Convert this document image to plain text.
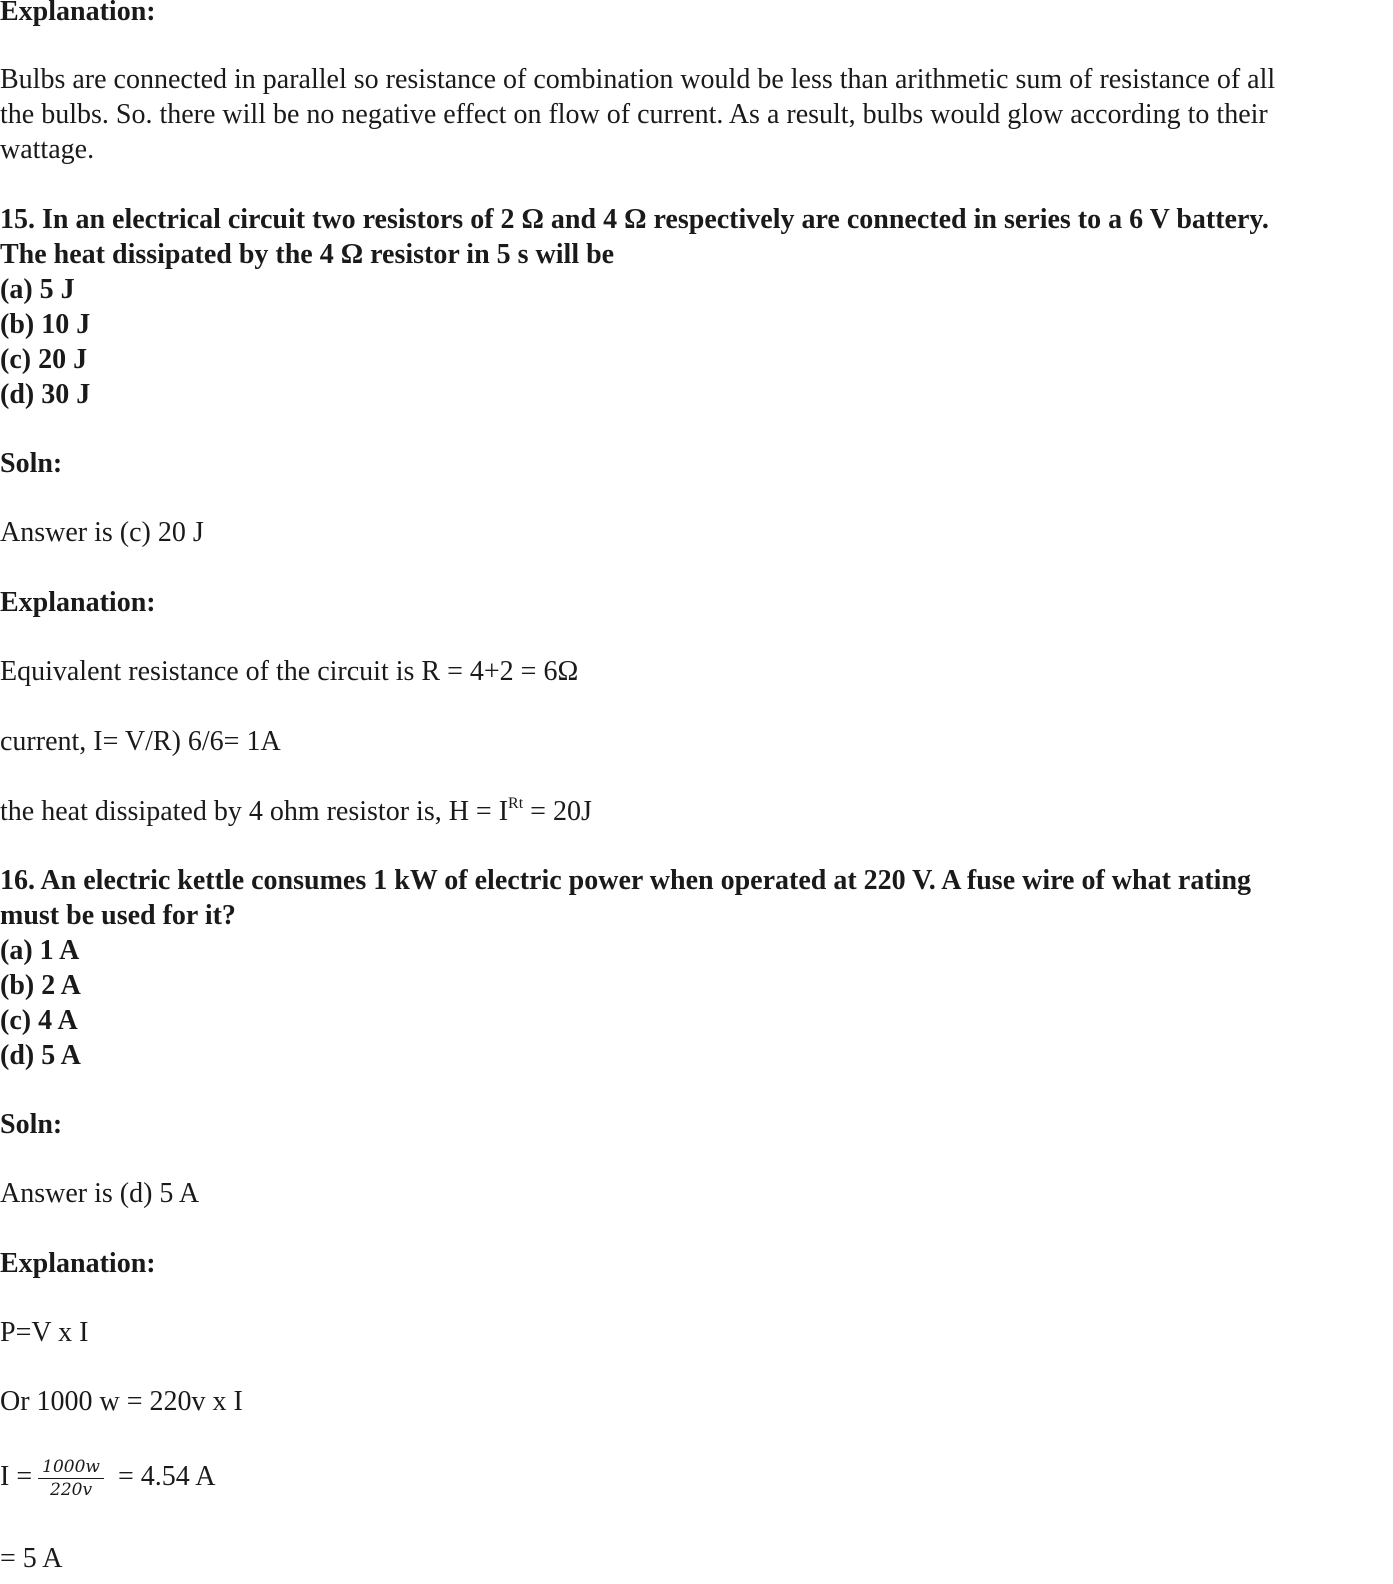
Explanation:
Bulbs are connected in parallel so resistance of combination would be less than arithmetic sum of resistance of all
the bulbs. So. there will be no negative effect on flow of current. As a result, bulbs would glow according to their
wattage.
15. In an electrical circuit two resistors of 2 Ω and 4 Ω respectively are connected in series to a 6 V battery.
The heat dissipated by the 4 Ω resistor in 5 s will be
(a) 5 J
(b) 10 J
(c) 20 J
(d) 30 J
Soln:
Answer is (c) 20 J
Explanation:
Equivalent resistance of the circuit is R = 4+2 = 6Ω
current, I= V/R) 6/6= 1A
the heat dissipated by 4 ohm resistor is, $H = I^{Rt} = 20J$
16. An electric kettle consumes 1 kW of electric power when operated at 220 V. A fuse wire of what rating
must be used for it?
(a) 1 A
(b) 2 A
(c) 4 A
(d) 5 A
Soln:
Answer is (d) 5 A
Explanation:
P=V x I
Or 1000 w = 220v x I
$I = \frac{1000w}{220v} = 4.54$ A
= 5 A
